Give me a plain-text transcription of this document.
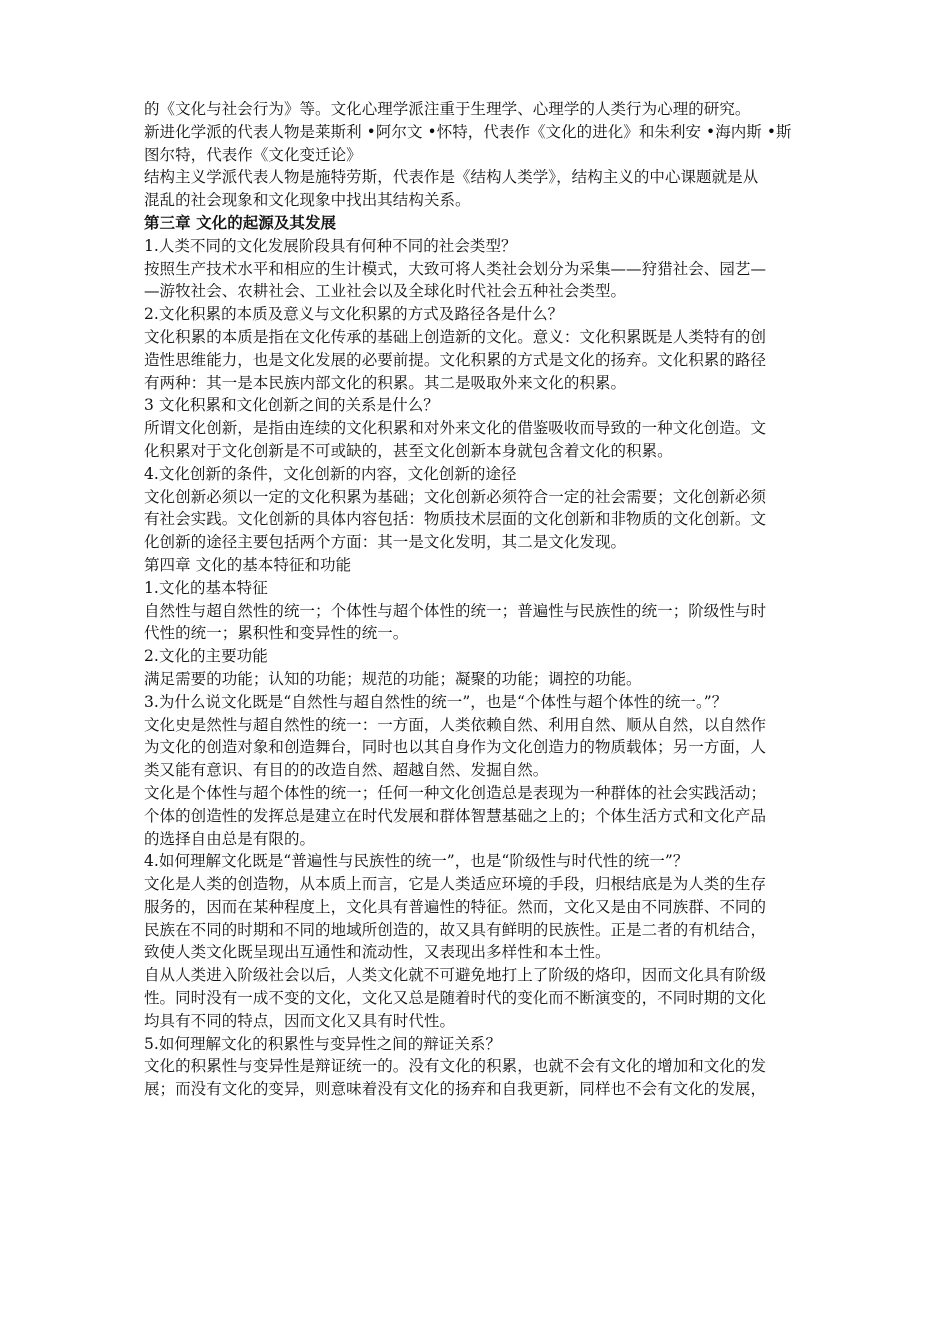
的《文化与社会行为》等。文化心理学派注重于生理学、心理学的人类行为心理的研究。
新进化学派的代表人物是莱斯利 •阿尔文 •怀特，代表作《文化的进化》和朱利安 •海内斯 •斯
图尔特，代表作《文化变迁论》
结构主义学派代表人物是施特劳斯，代表作是《结构人类学》，结构主义的中心课题就是从
混乱的社会现象和文化现象中找出其结构关系。
第三章 文化的起源及其发展
1.人类不同的文化发展阶段具有何种不同的社会类型？
按照生产技术水平和相应的生计模式，大致可将人类社会划分为采集——狩猎社会、园艺—
—游牧社会、农耕社会、工业社会以及全球化时代社会五种社会类型。
2.文化积累的本质及意义与文化积累的方式及路径各是什么？
文化积累的本质是指在文化传承的基础上创造新的文化。意义：文化积累既是人类特有的创
造性思维能力，也是文化发展的必要前提。文化积累的方式是文化的扬弃。文化积累的路径
有两种：其一是本民族内部文化的积累。其二是吸取外来文化的积累。
3 文化积累和文化创新之间的关系是什么？
所谓文化创新，是指由连续的文化积累和对外来文化的借鉴吸收而导致的一种文化创造。文
化积累对于文化创新是不可或缺的，甚至文化创新本身就包含着文化的积累。
4.文化创新的条件，文化创新的内容，文化创新的途径
文化创新必须以一定的文化积累为基础；文化创新必须符合一定的社会需要；文化创新必须
有社会实践。文化创新的具体内容包括：物质技术层面的文化创新和非物质的文化创新。文
化创新的途径主要包括两个方面：其一是文化发明，其二是文化发现。
第四章 文化的基本特征和功能
1.文化的基本特征
自然性与超自然性的统一；个体性与超个体性的统一；普遍性与民族性的统一；阶级性与时
代性的统一；累积性和变异性的统一。
2.文化的主要功能
满足需要的功能；认知的功能；规范的功能；凝聚的功能；调控的功能。
3.为什么说文化既是“自然性与超自然性的统一”，也是“个体性与超个体性的统一。”？
文化史是然性与超自然性的统一：一方面，人类依赖自然、利用自然、顺从自然，以自然作
为文化的创造对象和创造舞台，同时也以其自身作为文化创造力的物质载体；另一方面，人
类又能有意识、有目的的改造自然、超越自然、发掘自然。
文化是个体性与超个体性的统一；任何一种文化创造总是表现为一种群体的社会实践活动；
个体的创造性的发挥总是建立在时代发展和群体智慧基础之上的；个体生活方式和文化产品
的选择自由总是有限的。
4.如何理解文化既是“普遍性与民族性的统一”，也是“阶级性与时代性的统一”？
文化是人类的创造物，从本质上而言，它是人类适应环境的手段，归根结底是为人类的生存
服务的，因而在某种程度上，文化具有普遍性的特征。然而，文化又是由不同族群、不同的
民族在不同的时期和不同的地域所创造的，故又具有鲜明的民族性。正是二者的有机结合，
致使人类文化既呈现出互通性和流动性，又表现出多样性和本土性。
自从人类进入阶级社会以后，人类文化就不可避免地打上了阶级的烙印，因而文化具有阶级
性。同时没有一成不变的文化，文化又总是随着时代的变化而不断演变的，不同时期的文化
均具有不同的特点，因而文化又具有时代性。
5.如何理解文化的积累性与变异性之间的辩证关系？
文化的积累性与变异性是辩证统一的。没有文化的积累，也就不会有文化的增加和文化的发
展；而没有文化的变异，则意味着没有文化的扬弃和自我更新，同样也不会有文化的发展，
